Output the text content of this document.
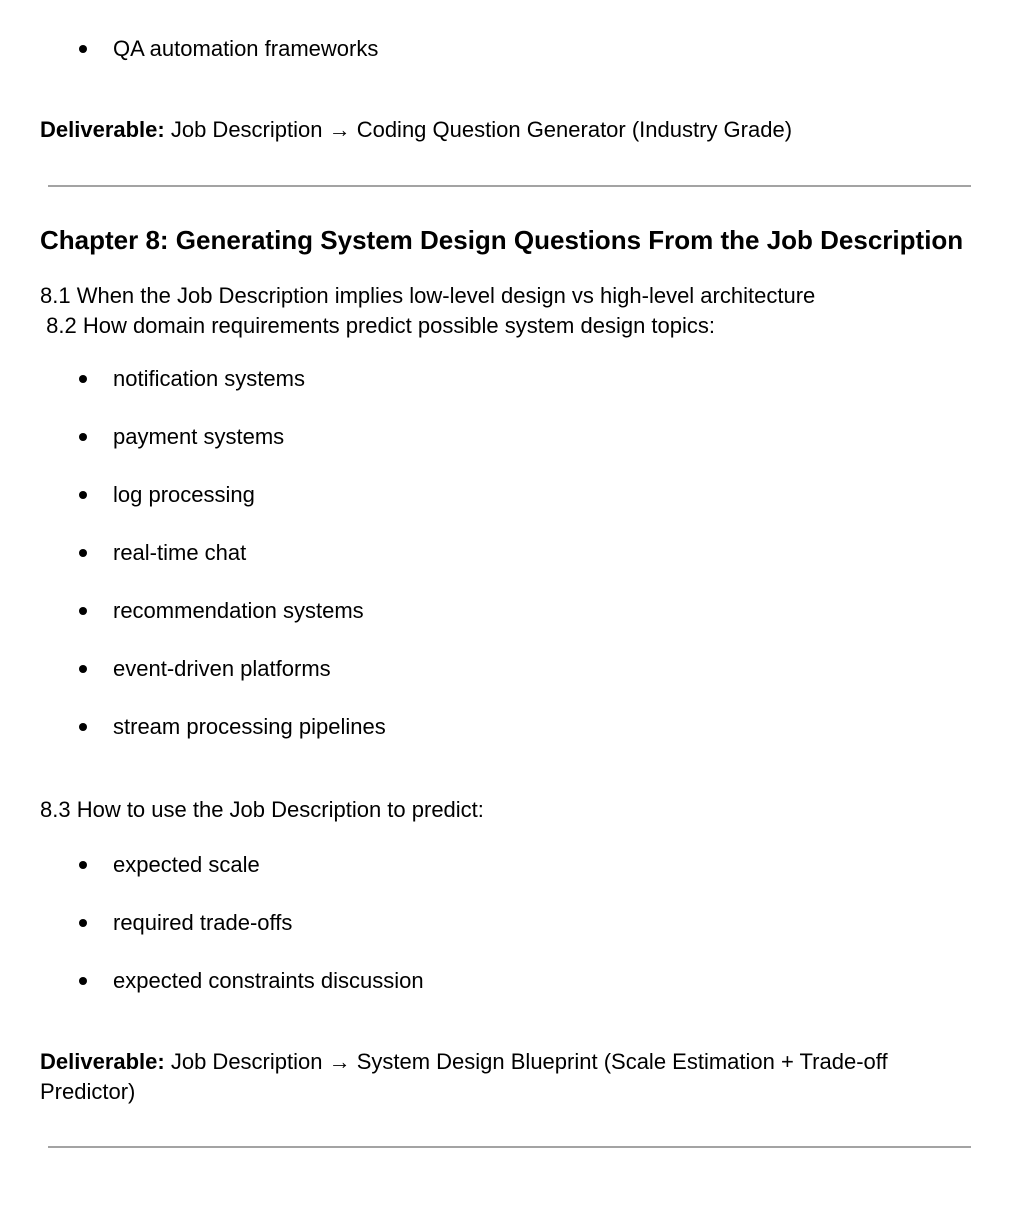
QA automation frameworks

Deliverable: Job Description → Coding Question Generator (Industry Grade)

Chapter 8: Generating System Design Questions From the Job Description

8.1 When the Job Description implies low-level design vs high-level architecture

8.2 How domain requirements predict possible system design topics:

notification systems
payment systems
log processing
real-time chat
recommendation systems
event-driven platforms
stream processing pipelines

8.3 How to use the Job Description to predict:

expected scale
required trade-offs
expected constraints discussion

Deliverable: Job Description → System Design Blueprint (Scale Estimation + Trade-off Predictor)
